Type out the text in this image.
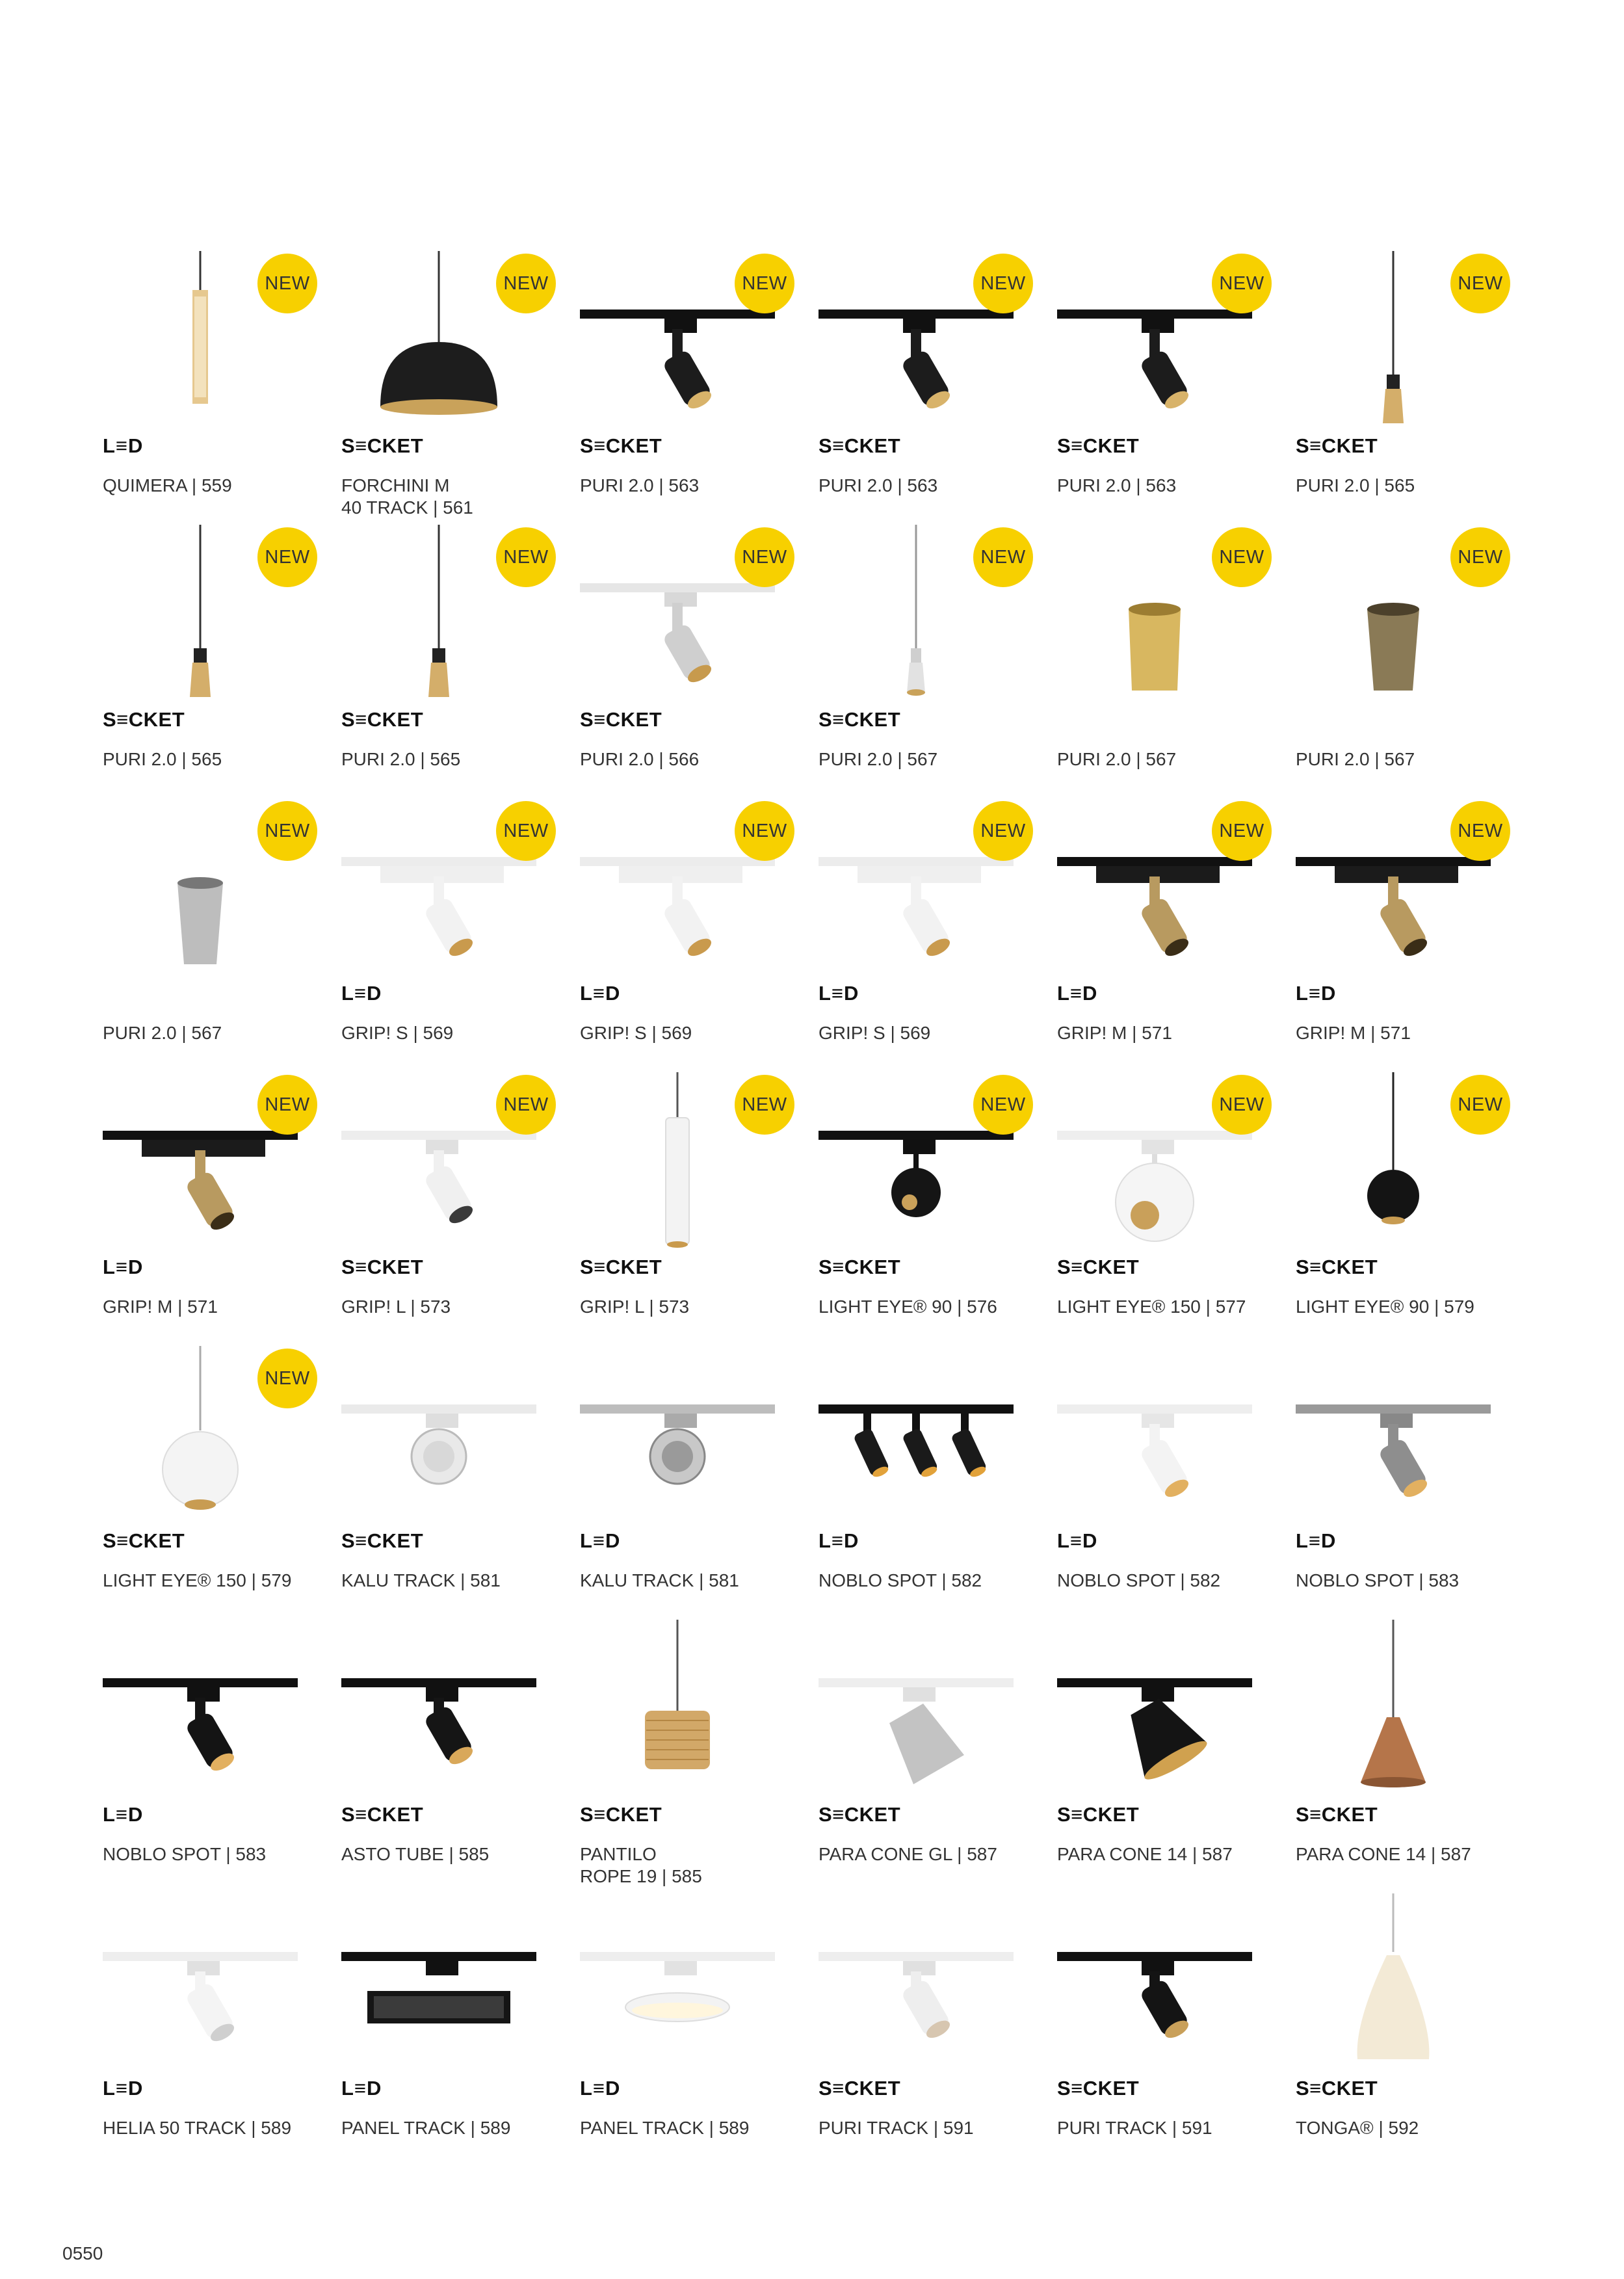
NEW
L≡D
QUIMERA | 559
NEW
S≡CKET
FORCHINI M
40 TRACK | 561
NEW
S≡CKET
PURI 2.0 | 563
NEW
S≡CKET
PURI 2.0 | 563
NEW
S≡CKET
PURI 2.0 | 563
NEW
S≡CKET
PURI 2.0 | 565
NEW
S≡CKET
PURI 2.0 | 565
NEW
S≡CKET
PURI 2.0 | 565
NEW
S≡CKET
PURI 2.0 | 566
NEW
S≡CKET
PURI 2.0 | 567
NEW
PURI 2.0 | 567
NEW
PURI 2.0 | 567
NEW
PURI 2.0 | 567
NEW
L≡D
GRIP! S | 569
NEW
L≡D
GRIP! S | 569
NEW
L≡D
GRIP! S | 569
NEW
L≡D
GRIP! M | 571
NEW
L≡D
GRIP! M | 571
NEW
L≡D
GRIP! M | 571
NEW
S≡CKET
GRIP! L | 573
NEW
S≡CKET
GRIP! L | 573
NEW
S≡CKET
LIGHT EYE® 90 | 576
NEW
S≡CKET
LIGHT EYE® 150 | 577
NEW
S≡CKET
LIGHT EYE® 90 | 579
NEW
S≡CKET
LIGHT EYE® 150 | 579
S≡CKET
KALU TRACK | 581
L≡D
KALU TRACK | 581
L≡D
NOBLO SPOT | 582
L≡D
NOBLO SPOT | 582
L≡D
NOBLO SPOT | 583
L≡D
NOBLO SPOT | 583
S≡CKET
ASTO TUBE | 585
S≡CKET
PANTILO
ROPE 19 | 585
S≡CKET
PARA CONE GL | 587
S≡CKET
PARA CONE 14 | 587
S≡CKET
PARA CONE 14 | 587
L≡D
HELIA 50 TRACK | 589
L≡D
PANEL TRACK | 589
L≡D
PANEL TRACK | 589
S≡CKET
PURI TRACK | 591
S≡CKET
PURI TRACK | 591
S≡CKET
TONGA® | 592
0550
